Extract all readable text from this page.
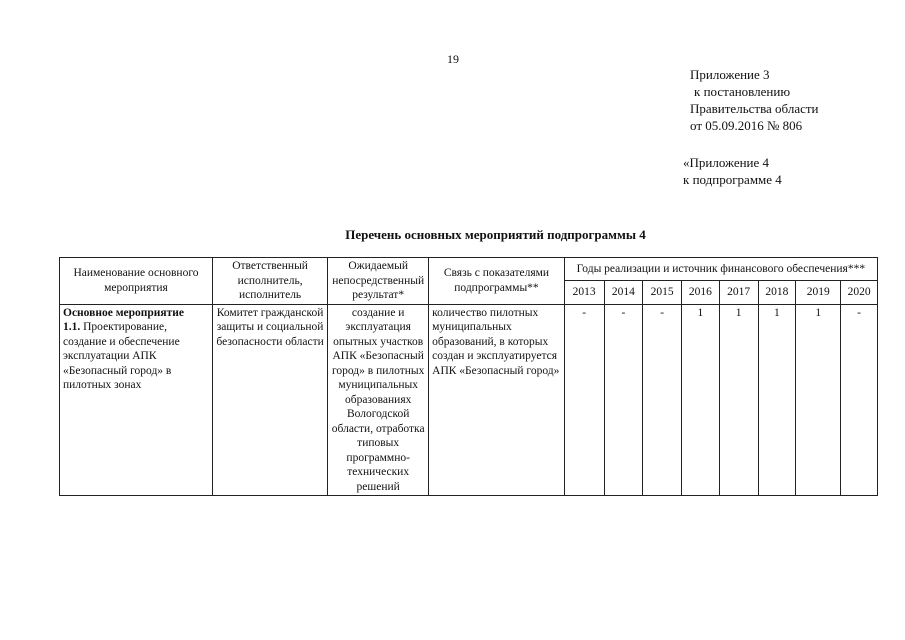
19
Приложение 3
к постановлению
Правительства области
от 05.09.2016 № 806
«Приложение 4
к подпрограмме 4
Перечень основных мероприятий подпрограммы 4
Наименование основного мероприятия	Ответственный исполнитель, исполнитель	Ожидаемый непосредственный результат*	Связь с показателями подпрограммы**	Годы реализации и источник финансового обеспечения***							
				2013	2014	2015	2016	2017	2018	2019	2020
Основное мероприятие
1.1. Проектирование, создание и обеспечение эксплуатации АПК «Безопасный город» в пилотных зонах	Комитет гражданской защиты и социальной безопасности области	создание и эксплуатация опытных участков АПК «Безопасный город» в пилотных муниципальных образованиях Вологодской области, отработка типовых программно-технических решений	количество пилотных муниципальных образований, в которых создан и эксплуатируется АПК «Безопасный город»	-	-	-	1	1	1	1	-
